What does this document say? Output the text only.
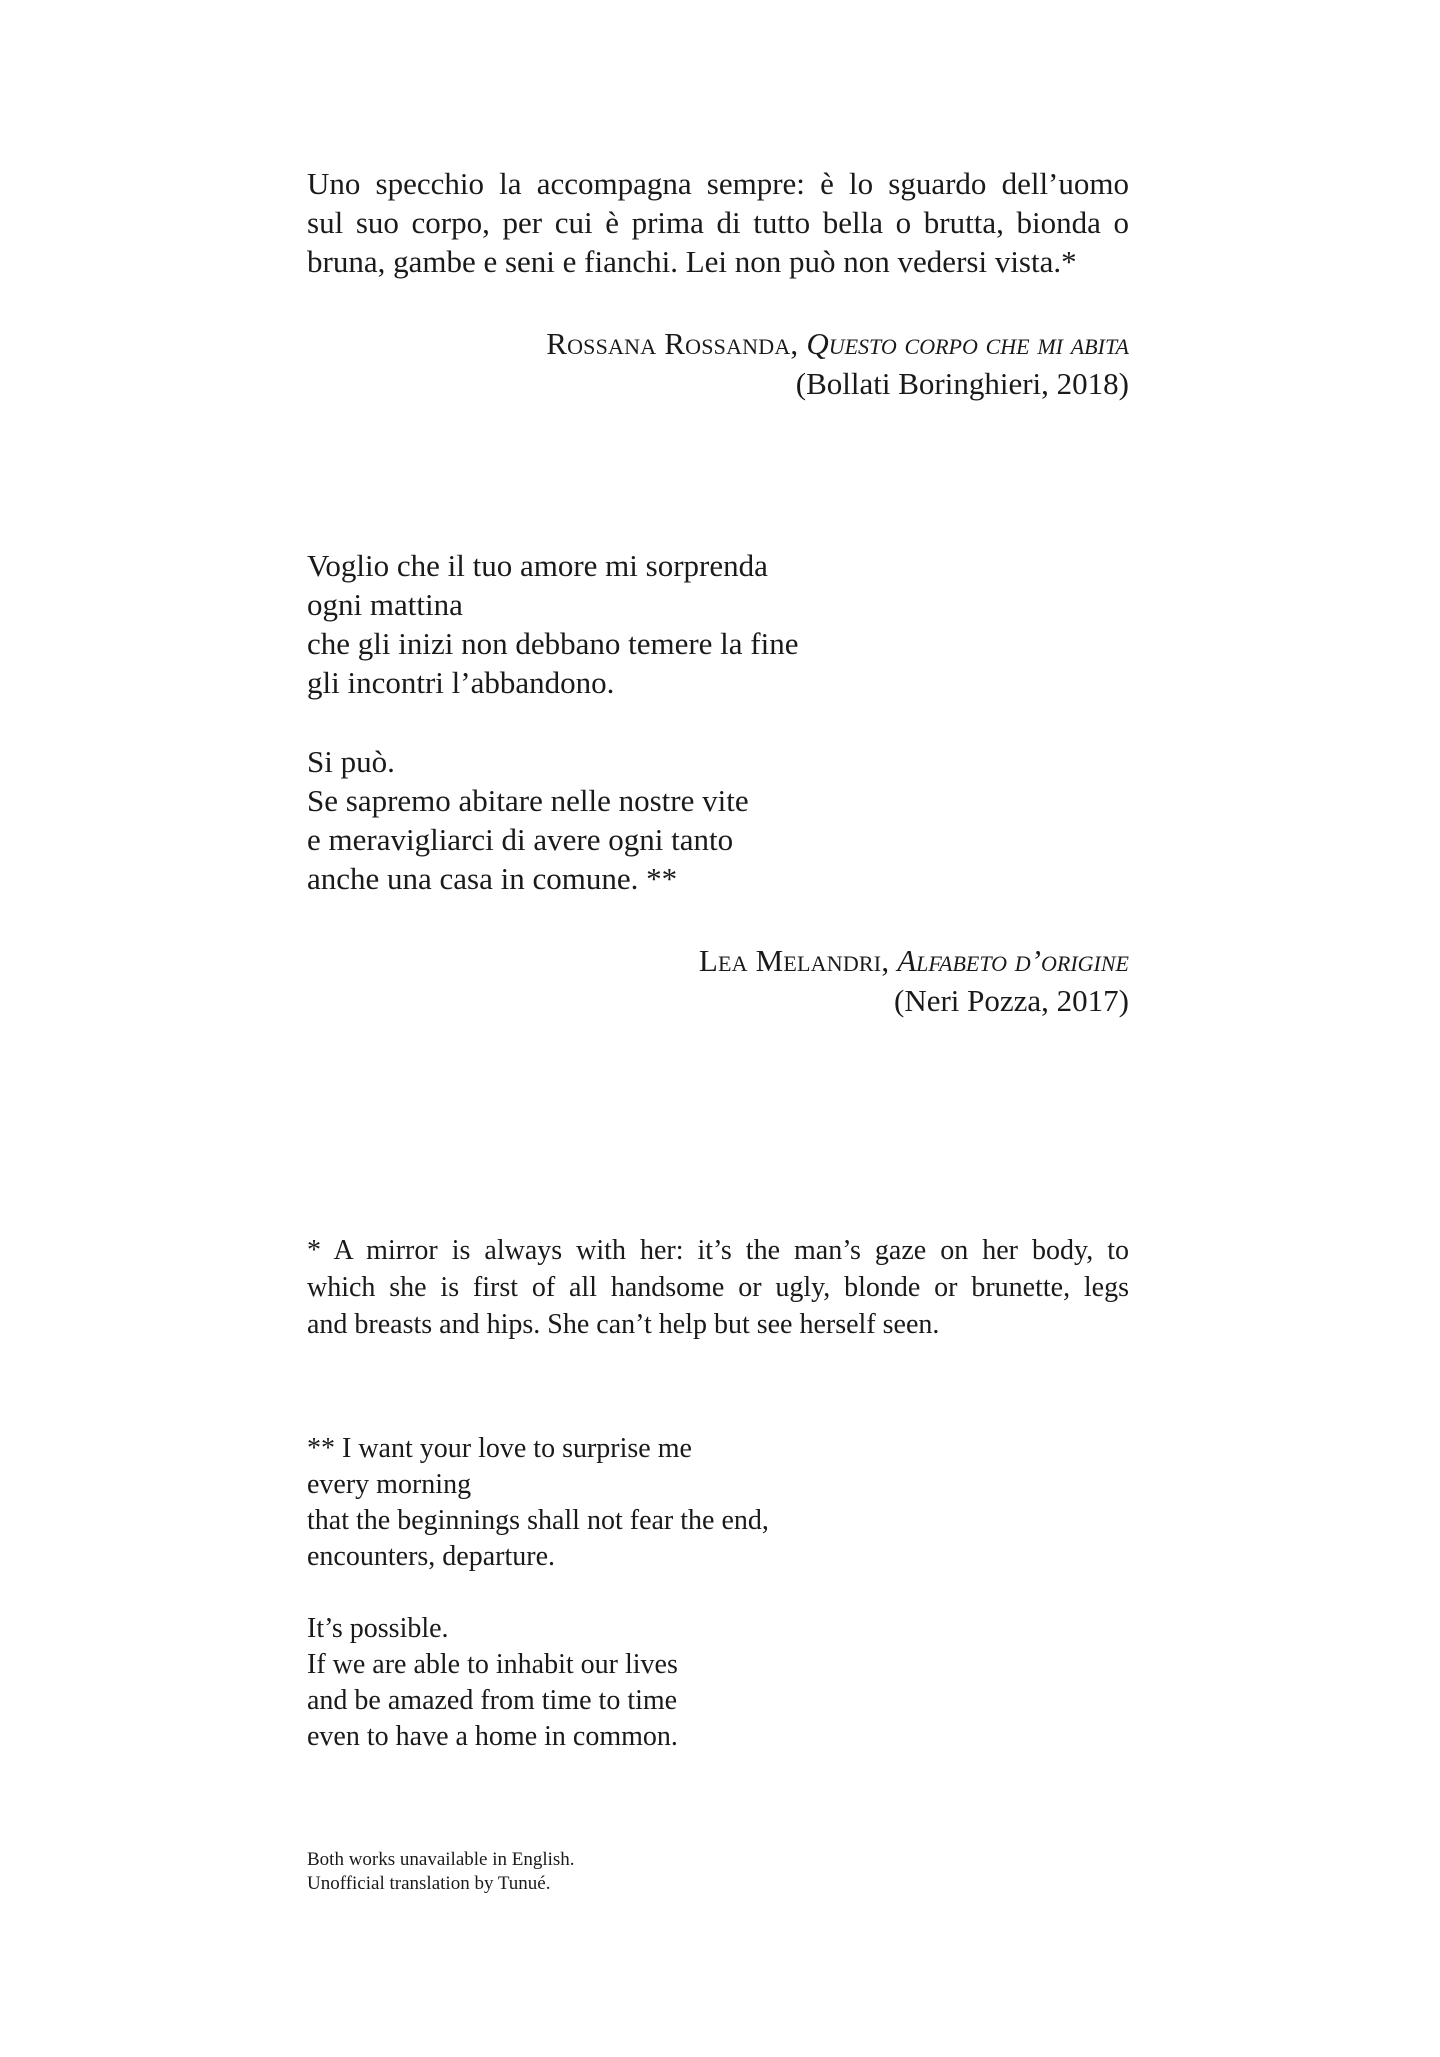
Uno specchio la accompagna sempre: è lo sguardo dell’uomo
sul suo corpo, per cui è prima di tutto bella o brutta, bionda o
bruna, gambe e seni e fianchi. Lei non può non vedersi vista.*
Rossana Rossanda, Questo corpo che mi abita
(Bollati Boringhieri, 2018)
Voglio che il tuo amore mi sorprenda
ogni mattina
che gli inizi non debbano temere la fine
gli incontri l’abbandono.
Si può.
Se sapremo abitare nelle nostre vite
e meravigliarci di avere ogni tanto
anche una casa in comune. **
Lea Melandri, Alfabeto d’origine
(Neri Pozza, 2017)
* A mirror is always with her: it’s the man’s gaze on her body, to
which she is first of all handsome or ugly, blonde or brunette, legs
and breasts and hips. She can’t help but see herself seen.
** I want your love to surprise me
every morning
that the beginnings shall not fear the end,
encounters, departure.
It’s possible.
If we are able to inhabit our lives
and be amazed from time to time
even to have a home in common.
Both works unavailable in English.
Unofficial translation by Tunué.
